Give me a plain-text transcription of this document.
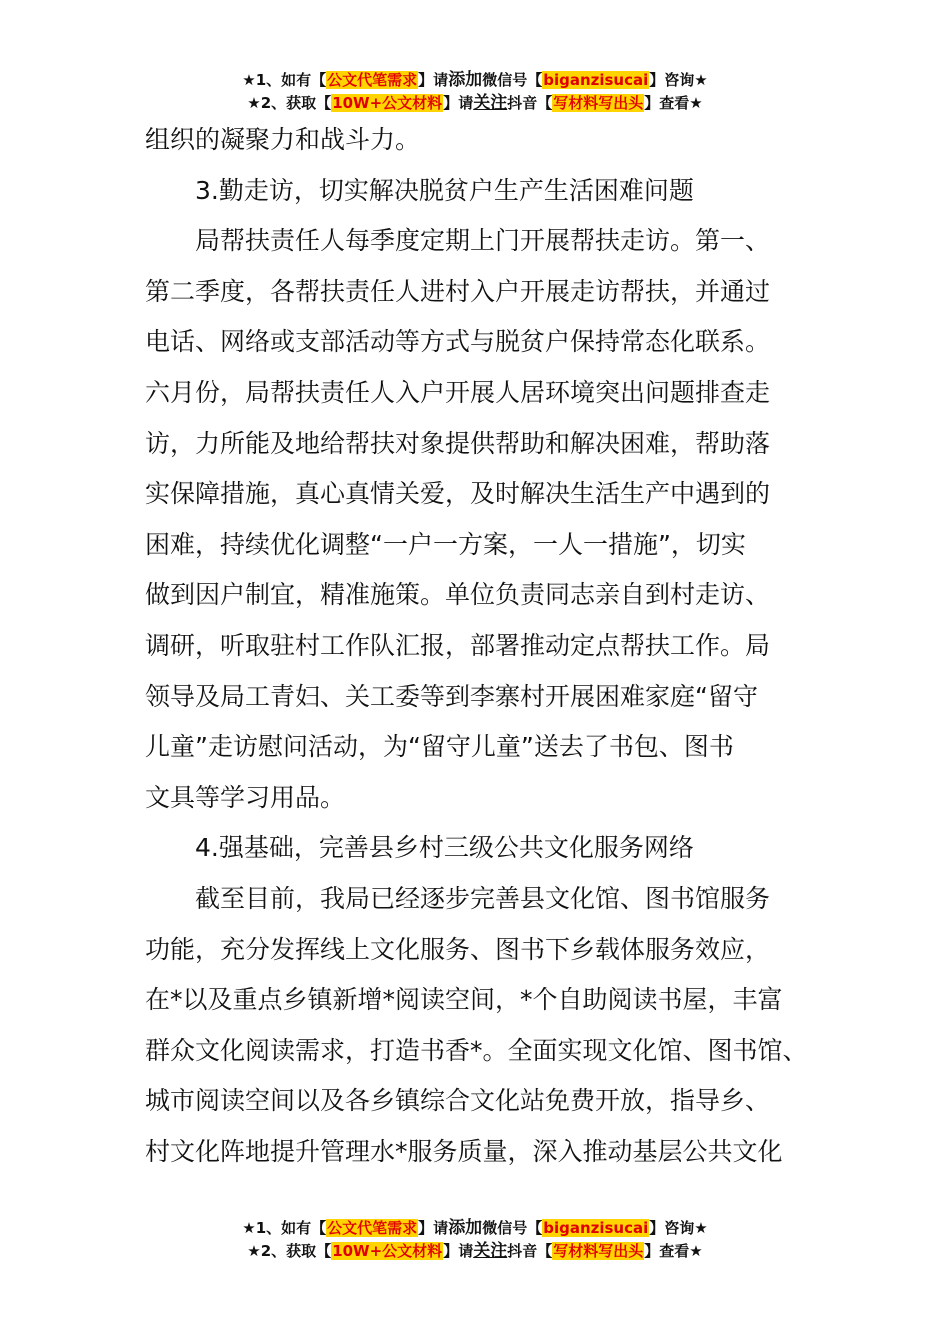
★1、如有【公文代笔需求】请添加微信号【biganzisucai】咨询★
★2、获取【10W+公文材料】请关注抖音【写材料写出头】查看★

组织的凝聚力和战斗力。

3.勤走访，切实解决脱贫户生产生活困难问题

局帮扶责任人每季度定期上门开展帮扶走访。第一、

第二季度，各帮扶责任人进村入户开展走访帮扶，并通过

电话、网络或支部活动等方式与脱贫户保持常态化联系。

六月份，局帮扶责任人入户开展人居环境突出问题排查走

访，力所能及地给帮扶对象提供帮助和解决困难，帮助落

实保障措施，真心真情关爱，及时解决生活生产中遇到的

困难，持续优化调整“一户一方案，一人一措施”，切实

做到因户制宜，精准施策。单位负责同志亲自到村走访、

调研，听取驻村工作队汇报，部署推动定点帮扶工作。局

领导及局工青妇、关工委等到李寨村开展困难家庭“留守

儿童”走访慰问活动，为“留守儿童”送去了书包、图书

文具等学习用品。

4.强基础，完善县乡村三级公共文化服务网络

截至目前，我局已经逐步完善县文化馆、图书馆服务

功能，充分发挥线上文化服务、图书下乡载体服务效应，

在*以及重点乡镇新增*阅读空间，*个自助阅读书屋，丰富

群众文化阅读需求，打造书香*。全面实现文化馆、图书馆、

城市阅读空间以及各乡镇综合文化站免费开放，指导乡、

村文化阵地提升管理水*服务质量，深入推动基层公共文化

★1、如有【公文代笔需求】请添加微信号【biganzisucai】咨询★
★2、获取【10W+公文材料】请关注抖音【写材料写出头】查看★
